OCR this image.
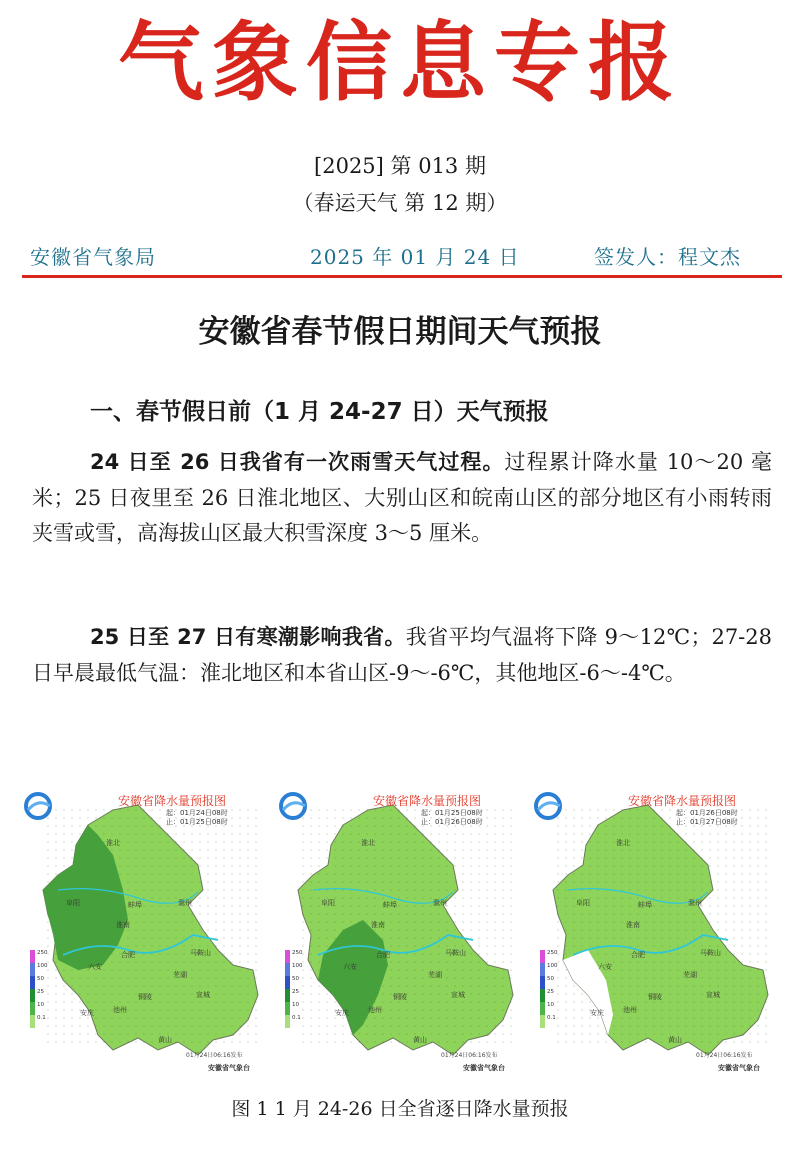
气象信息专报
[2025] 第 013 期
（春运天气 第 12 期）
安徽省气象局	2025 年 01 月 24 日	签发人：程文杰
安徽省春节假日期间天气预报
一、春节假日前（1 月 24-27 日）天气预报
24 日至 26 日我省有一次雨雪天气过程。过程累计降水量 10～20 毫米；25 日夜里至 26 日淮北地区、大别山区和皖南山区的部分地区有小雨转雨夹雪或雪，高海拔山区最大积雪深度 3～5 厘米。
25 日至 27 日有寒潮影响我省。我省平均气温将下降 9～12℃；27-28 日早晨最低气温：淮北地区和本省山区-9～-6℃，其他地区-6～-4℃。
250
100
50
25
10
0.1
淮北
阜阳	蚌埠	滁州
淮南
合肥
六安
马鞍山
芜湖
宣城
铜陵
池州
安庆
黄山
安徽省降水量预报图
起：01月24日08时
止：01月25日08时
01月24日06:16发布
安徽省气象台
250
100
50
25
10
0.1
淮北
阜阳	蚌埠	滁州
淮南
合肥
六安
马鞍山
芜湖
宣城
铜陵
池州
安庆
黄山
安徽省降水量预报图
起：01月25日08时
止：01月26日08时
01月24日06:16发布
安徽省气象台
250
100
50
25
10
0.1
淮北
阜阳	蚌埠	滁州
淮南
合肥
六安
马鞍山
芜湖
宣城
铜陵
池州
安庆
黄山
安徽省降水量预报图
起：01月26日08时
止：01月27日08时
01月24日06:16发布
安徽省气象台
图 1 1 月 24-26 日全省逐日降水量预报
